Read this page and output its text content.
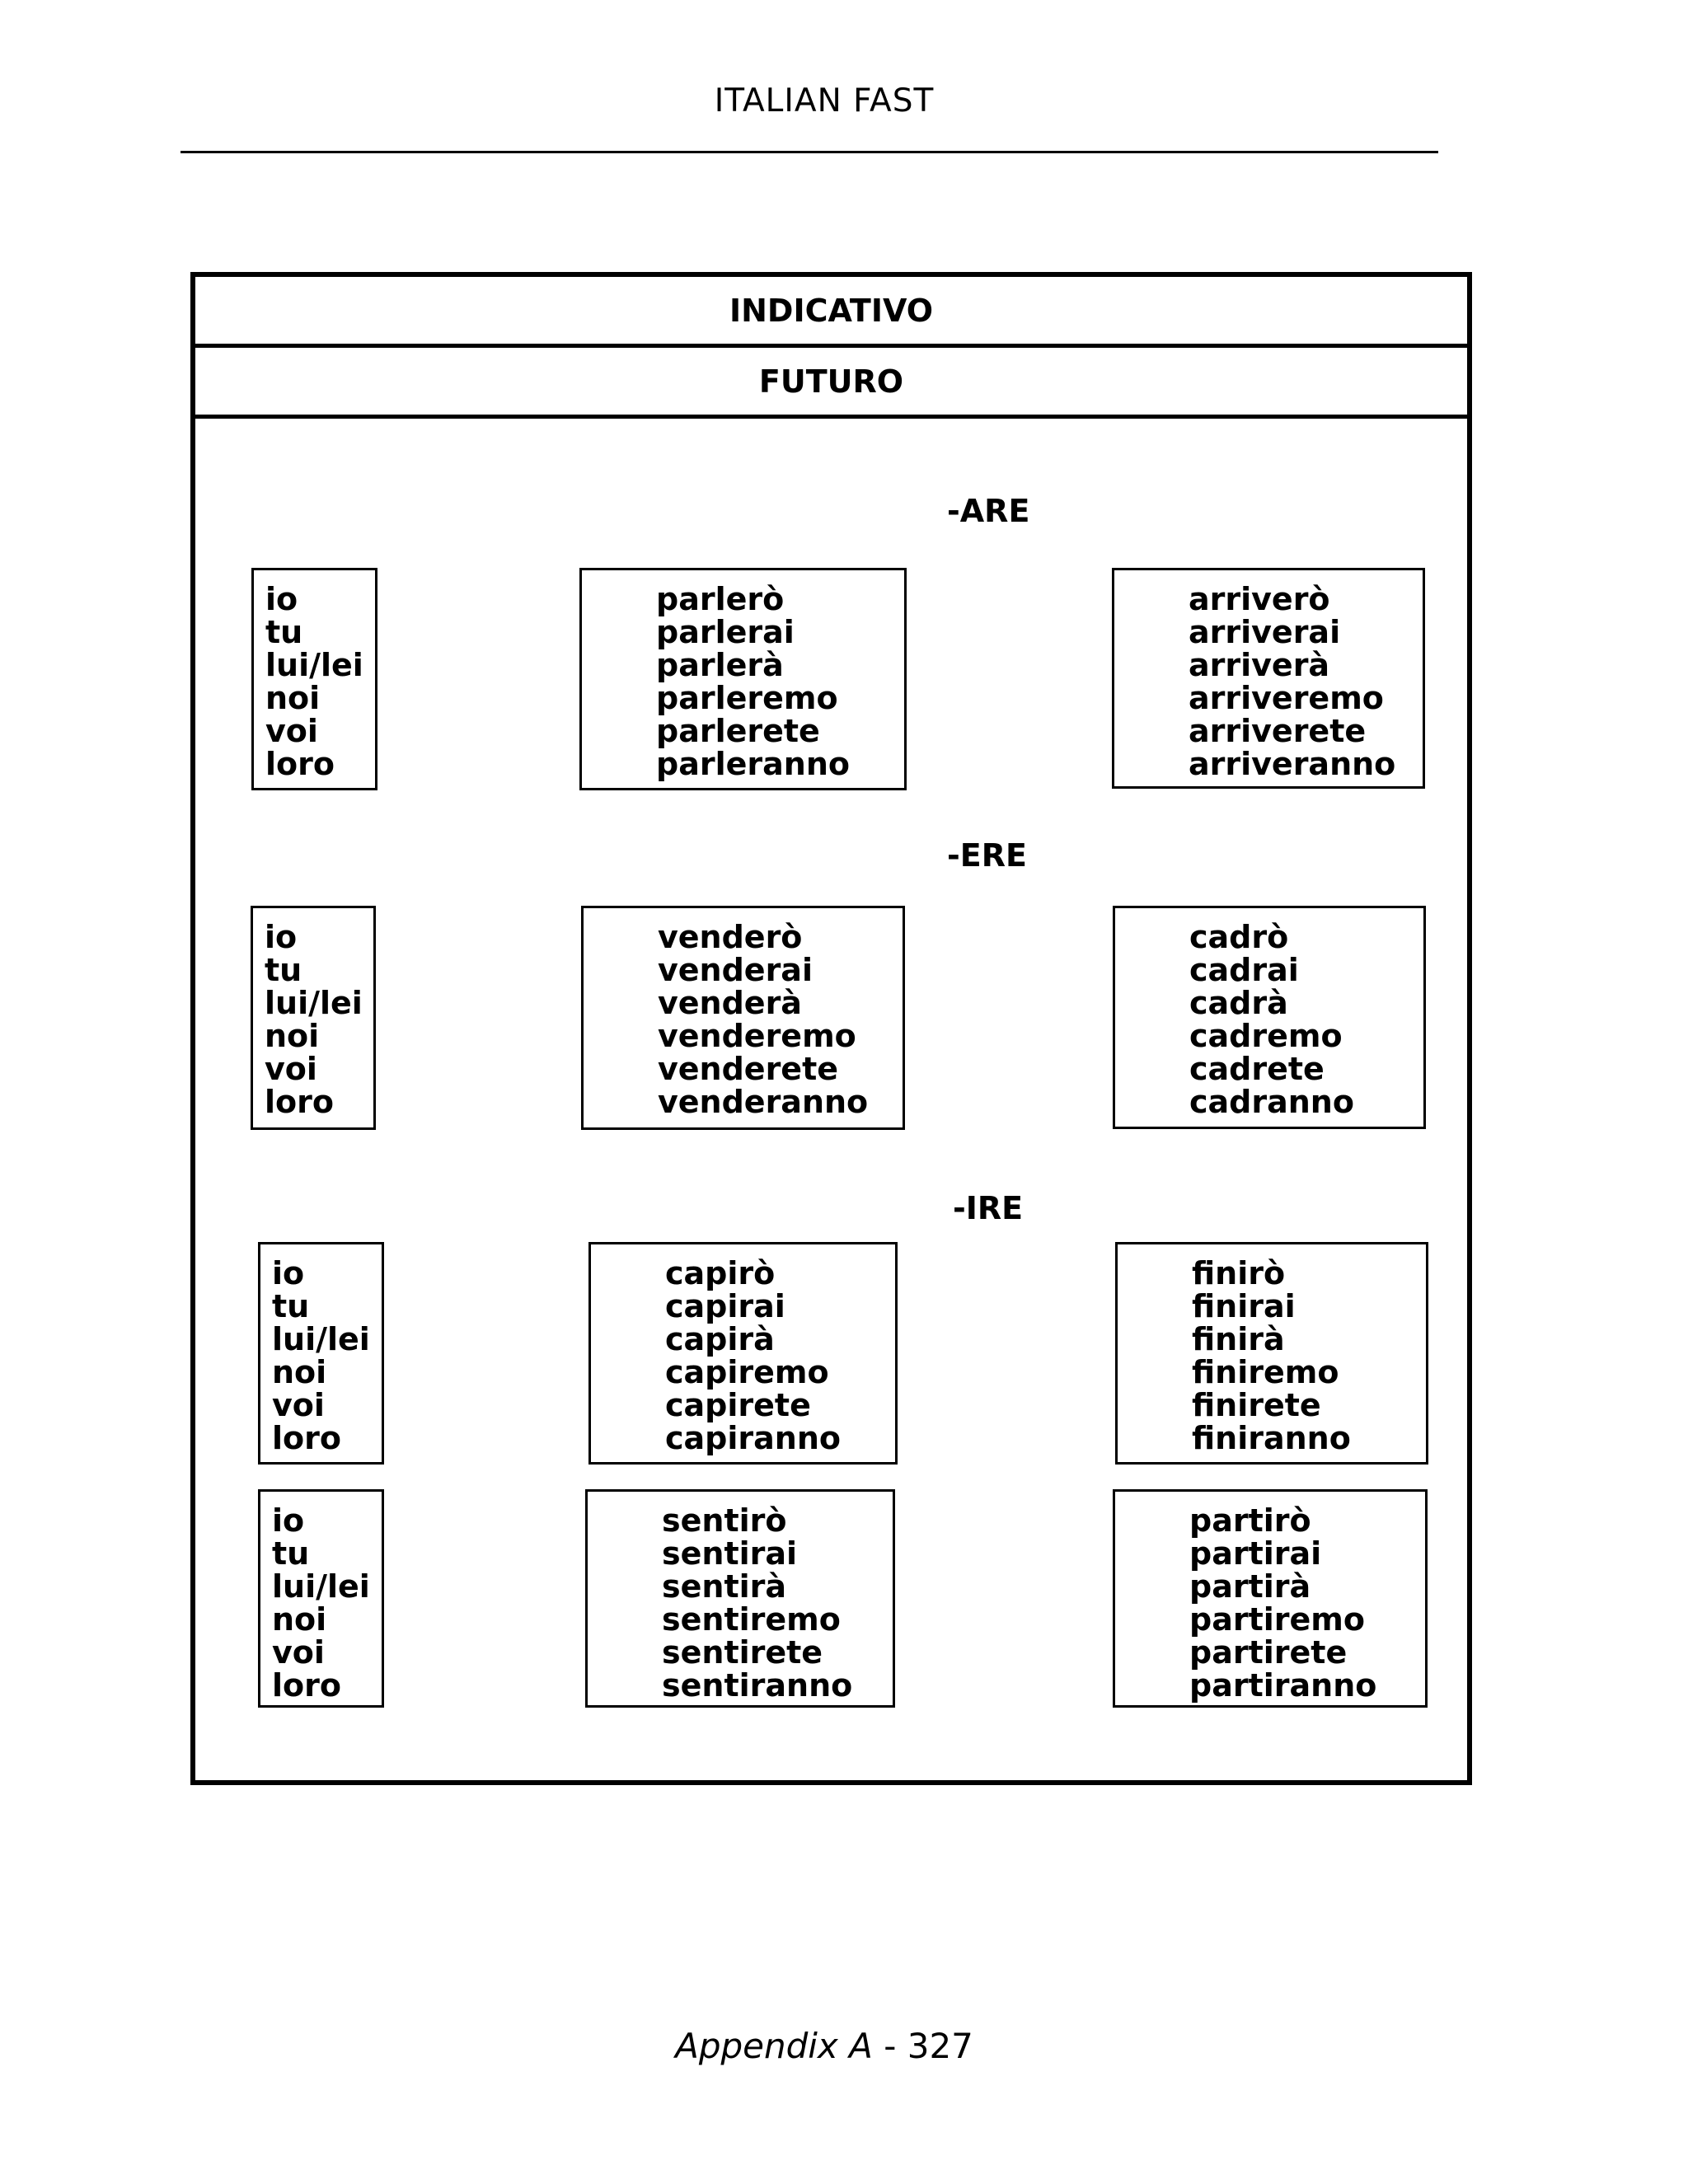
ITALIAN FAST
INDICATIVO
FUTURO
-ARE
io
tu
lui/lei
noi
voi
loro
parlerò
parlerai
parlerà
parleremo
parlerete
parleranno
arriverò
arriverai
arriverà
arriveremo
arriverete
arriveranno
-ERE
io
tu
lui/lei
noi
voi
loro
venderò
venderai
venderà
venderemo
venderete
venderanno
cadrò
cadrai
cadrà
cadremo
cadrete
cadranno
-IRE
io
tu
lui/lei
noi
voi
loro
capirò
capirai
capirà
capiremo
capirete
capiranno
finirò
finirai
finirà
finiremo
finirete
finiranno
io
tu
lui/lei
noi
voi
loro
sentirò
sentirai
sentirà
sentiremo
sentirete
sentiranno
partirò
partirai
partirà
partiremo
partirete
partiranno
Appendix A - 327
